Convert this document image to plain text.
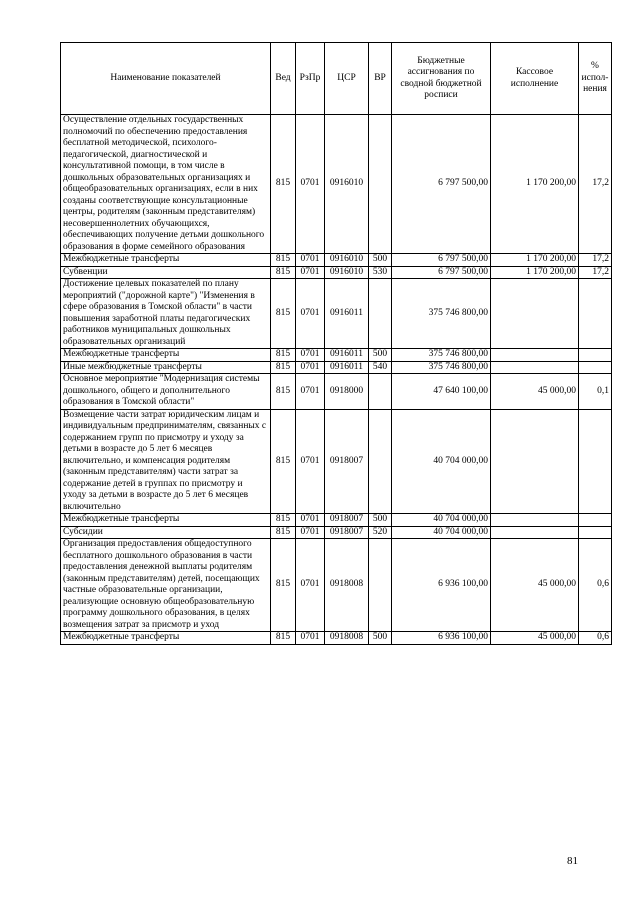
Наименование показателей	Вед	РзПр	ЦСР	ВР	Бюджетные ассигнования по сводной бюджетной росписи	Кассовое исполнение	% испол-нения
Осуществление отдельных государственных полномочий по обеспечению предоставления бесплатной методической, психолого-педагогической, диагностической и консультативной помощи, в том числе в дошкольных образовательных организациях и общеобразовательных организациях, если в них созданы соответствующие консультационные центры, родителям (законным представителям) несовершеннолетних обучающихся, обеспечивающих получение детьми дошкольного образования в форме семейного образования	815	0701	0916010		6 797 500,00	1 170 200,00	17,2
Межбюджетные трансферты	815	0701	0916010	500	6 797 500,00	1 170 200,00	17,2
Субвенции	815	0701	0916010	530	6 797 500,00	1 170 200,00	17,2
Достижение целевых показателей по плану мероприятий ("дорожной карте") "Изменения в сфере образования в Томской области" в части повышения заработной платы педагогических работников муниципальных дошкольных образовательных организаций	815	0701	0916011		375 746 800,00		
Межбюджетные трансферты	815	0701	0916011	500	375 746 800,00		
Иные межбюджетные трансферты	815	0701	0916011	540	375 746 800,00		
Основное мероприятие "Модернизация системы дошкольного, общего и дополнительного образования в Томской области"	815	0701	0918000		47 640 100,00	45 000,00	0,1
Возмещение части затрат юридическим лицам и индивидуальным предпринимателям, связанных с содержанием групп по присмотру и уходу за детьми в возрасте до 5 лет 6 месяцев включительно, и компенсация родителям (законным представителям) части затрат за содержание детей в группах по присмотру и уходу за детьми в возрасте до 5 лет 6 месяцев включительно	815	0701	0918007		40 704 000,00		
Межбюджетные трансферты	815	0701	0918007	500	40 704 000,00		
Субсидии	815	0701	0918007	520	40 704 000,00		
Организация предоставления общедоступного бесплатного дошкольного образования в части предоставления денежной выплаты родителям (законным представителям) детей, посещающих частные образовательные организации, реализующие основную общеобразовательную программу дошкольного образования, в целях возмещения затрат за присмотр и уход	815	0701	0918008		6 936 100,00	45 000,00	0,6
Межбюджетные трансферты	815	0701	0918008	500	6 936 100,00	45 000,00	0,6
81
